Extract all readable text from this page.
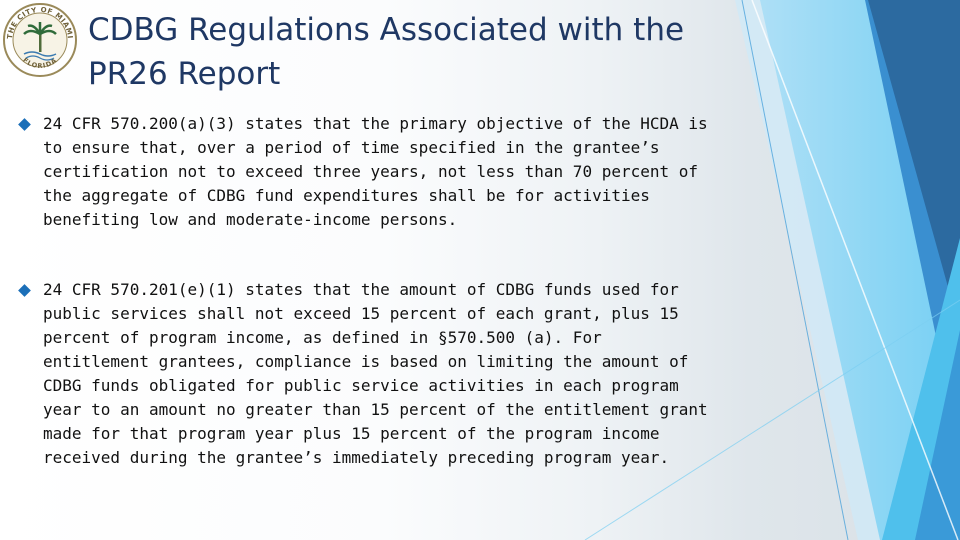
THE CITY OF MIAMI
FLORIDA
CDBG Regulations Associated with the PR26 Report
24 CFR 570.200(a)(3) states that the primary objective of the HCDA is to ensure that, over a period of time specified in the grantee’s certification not to exceed three years, not less than 70 percent of the aggregate of CDBG fund expenditures shall be for activities benefiting low and moderate-income persons.
24 CFR 570.201(e)(1) states that the amount of CDBG funds used for public services shall not exceed 15 percent of each grant, plus 15 percent of program income, as defined in §570.500 (a). For entitlement grantees, compliance is based on limiting the amount of CDBG funds obligated for public service activities in each program year to an amount no greater than 15 percent of the entitlement grant made for that program year plus 15 percent of the program income received during the grantee’s immediately preceding program year.
